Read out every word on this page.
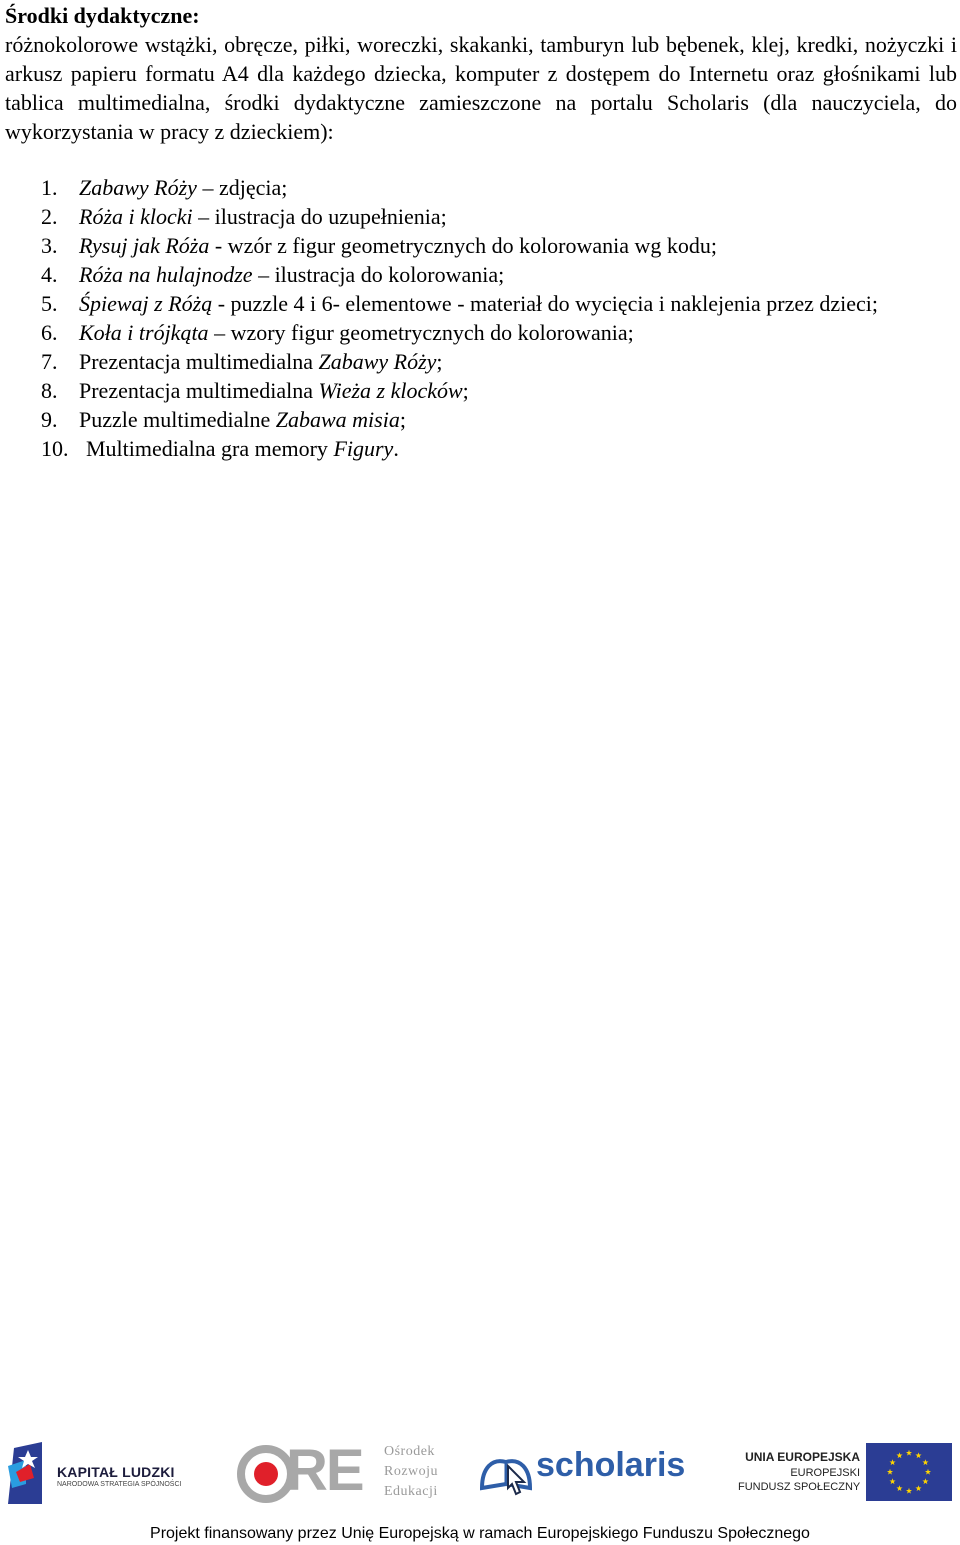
Środki dydaktyczne:
różnokolorowe wstążki, obręcze, piłki, woreczki, skakanki, tamburyn lub bębenek, klej, kredki, nożyczki i arkusz papieru formatu A4 dla każdego dziecka, komputer z dostępem do Internetu oraz głośnikami lub tablica multimedialna, środki dydaktyczne zamieszczone na portalu Scholaris (dla nauczyciela, do wykorzystania w pracy z dzieckiem):
1. Zabawy Róży – zdjęcia;
2. Róża i klocki – ilustracja do uzupełnienia;
3. Rysuj jak Róża - wzór z figur geometrycznych do kolorowania wg kodu;
4. Róża na hulajnodze – ilustracja do kolorowania;
5. Śpiewaj z Różą - puzzle 4 i 6- elementowe - materiał do wycięcia i naklejenia przez dzieci;
6. Koła i trójkąta – wzory figur geometrycznych do kolorowania;
7. Prezentacja multimedialna Zabawy Róży;
8. Prezentacja multimedialna Wieża z klocków;
9. Puzzle multimedialne Zabawa misia;
10. Multimedialna gra memory Figury.
KAPITAŁ LUDZKI
NARODOWA STRATEGIA SPÓJNOŚCI RE Ośrodek
Rozwoju
Edukacji
scholaris	UNIA EUROPEJSKA
EUROPEJSKI
FUNDUSZ SPOŁECZNY
Projekt finansowany przez Unię Europejską w ramach Europejskiego Funduszu Społecznego
